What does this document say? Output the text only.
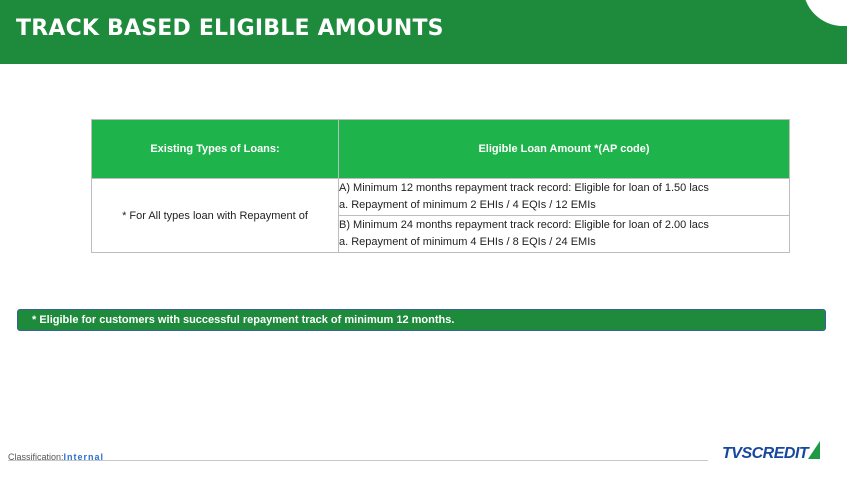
TRACK BASED ELIGIBLE AMOUNTS
Existing Types of Loans:	Eligible Loan Amount *(AP code)
* For All types loan with Repayment of	A) Minimum 12 months repayment track record: Eligible for loan of 1.50 lacs
a. Repayment of minimum 2 EHIs / 4 EQIs / 12 EMIs

	B) Minimum 24 months repayment track record: Eligible for loan of 2.00 lacs
a. Repayment of minimum 4 EHIs / 8 EQIs / 24 EMIs
* Eligible for customers with successful repayment track of minimum 12 months.
Classification:Internal	TVSCREDIT
